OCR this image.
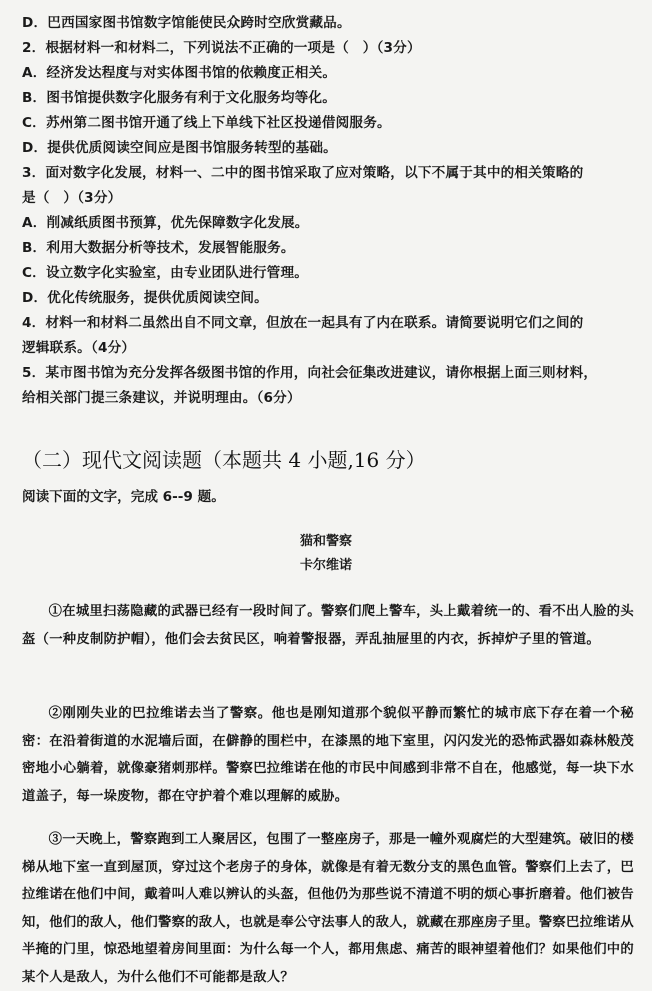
D．巴西国家图书馆数字馆能使民众跨时空欣赏藏品。
2．根据材料一和材料二，下列说法不正确的一项是（　）（3分）
A．经济发达程度与对实体图书馆的依赖度正相关。
B．图书馆提供数字化服务有利于文化服务均等化。
C．苏州第二图书馆开通了线上下单线下社区投递借阅服务。
D．提供优质阅读空间应是图书馆服务转型的基础。
3．面对数字化发展，材料一、二中的图书馆采取了应对策略，以下不属于其中的相关策略的
是（　）（3分）
A．削减纸质图书预算，优先保障数字化发展。
B．利用大数据分析等技术，发展智能服务。
C．设立数字化实验室，由专业团队进行管理。
D．优化传统服务，提供优质阅读空间。
4．材料一和材料二虽然出自不同文章，但放在一起具有了内在联系。请简要说明它们之间的
逻辑联系。（4分）
5．某市图书馆为充分发挥各级图书馆的作用，向社会征集改进建议，请你根据上面三则材料，
给相关部门提三条建议，并说明理由。（6分）
（二）现代文阅读题（本题共 4 小题,16 分）
阅读下面的文字，完成 6--9 题。
猫和警察
卡尔维诺
①在城里扫荡隐藏的武器已经有一段时间了。警察们爬上警车，头上戴着统一的、看不出人脸的头盔（一种皮制防护帽），他们会去贫民区，响着警报器，弄乱抽屉里的内衣，拆掉炉子里的管道。
②刚刚失业的巴拉维诺去当了警察。他也是刚知道那个貌似平静而繁忙的城市底下存在着一个秘密：在沿着街道的水泥墙后面，在僻静的围栏中，在漆黑的地下室里，闪闪发光的恐怖武器如森林般茂密地小心躺着，就像豪猪刺那样。警察巴拉维诺在他的市民中间感到非常不自在，他感觉，每一块下水道盖子，每一垛废物，都在守护着个难以理解的威胁。
③一天晚上，警察跑到工人聚居区，包围了一整座房子，那是一幢外观腐烂的大型建筑。破旧的楼梯从地下室一直到屋顶，穿过这个老房子的身体，就像是有着无数分支的黑色血管。警察们上去了，巴拉维诺在他们中间，戴着叫人难以辨认的头盔，但他仍为那些说不清道不明的烦心事折磨着。他们被告知，他们的敌人，他们警察的敌人，也就是奉公守法事人的敌人，就藏在那座房子里。警察巴拉维诺从半掩的门里，惊恐地望着房间里面：为什么每一个人，都用焦虑、痛苦的眼神望着他们？如果他们中的某个人是敌人，为什么他们不可能都是敌人？
